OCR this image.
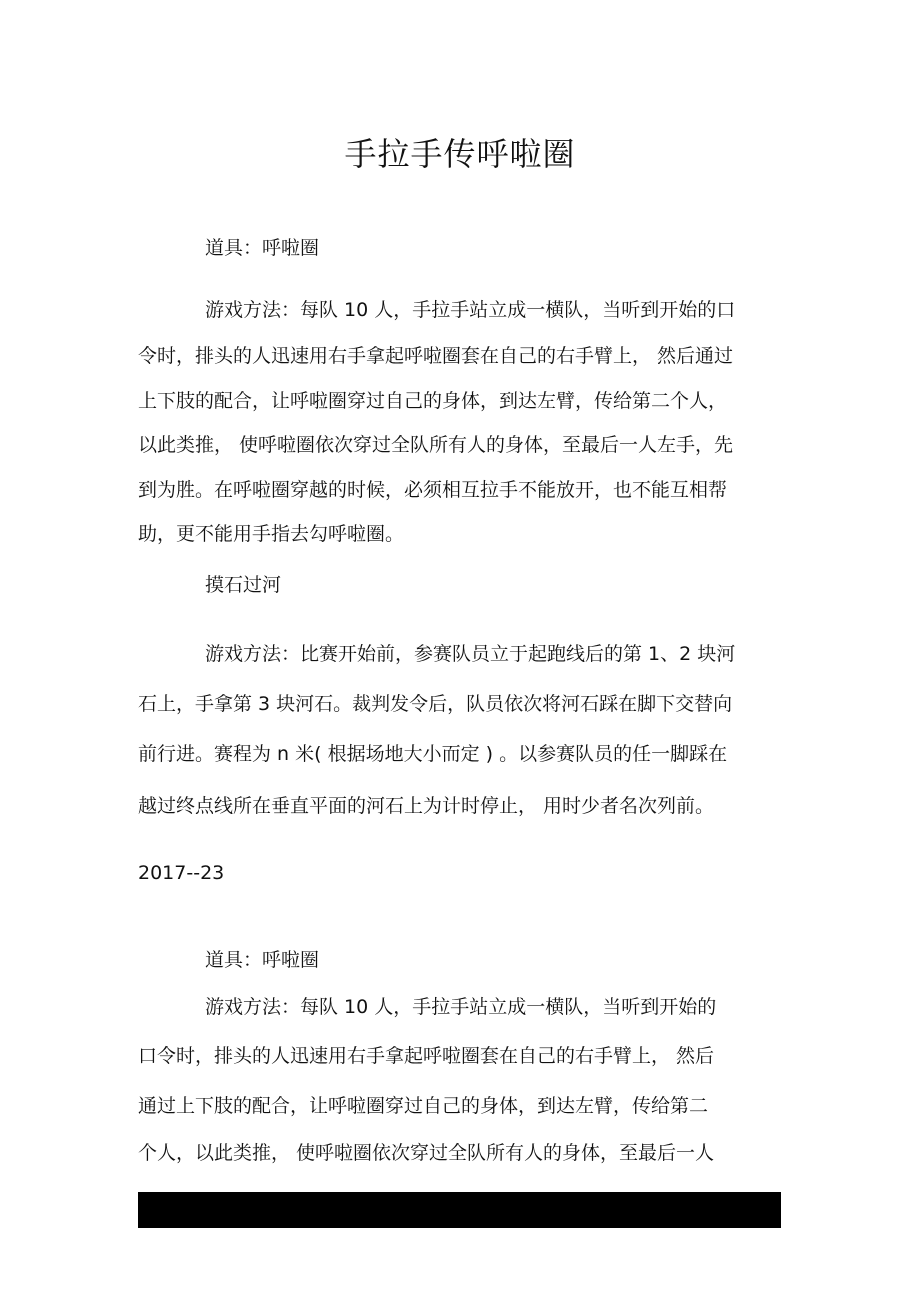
手拉手传呼啦圈
道具：呼啦圈
游戏方法：每队 10 人，手拉手站立成一横队，当听到开始的口
令时，排头的人迅速用右手拿起呼啦圈套在自己的右手臂上， 然后通过
上下肢的配合，让呼啦圈穿过自己的身体，到达左臂，传给第二个人，
以此类推， 使呼啦圈依次穿过全队所有人的身体，至最后一人左手，先
到为胜。在呼啦圈穿越的时候，必须相互拉手不能放开，也不能互相帮
助，更不能用手指去勾呼啦圈。
摸石过河
游戏方法：比赛开始前，参赛队员立于起跑线后的第 1、2 块河
石上，手拿第 3 块河石。裁判发令后，队员依次将河石踩在脚下交替向
前行进。赛程为 n 米( 根据场地大小而定 ) 。以参赛队员的任一脚踩在
越过终点线所在垂直平面的河石上为计时停止， 用时少者名次列前。
2017--23
道具：呼啦圈
游戏方法：每队 10 人，手拉手站立成一横队，当听到开始的
口令时，排头的人迅速用右手拿起呼啦圈套在自己的右手臂上， 然后
通过上下肢的配合，让呼啦圈穿过自己的身体，到达左臂，传给第二
个人，以此类推， 使呼啦圈依次穿过全队所有人的身体，至最后一人
